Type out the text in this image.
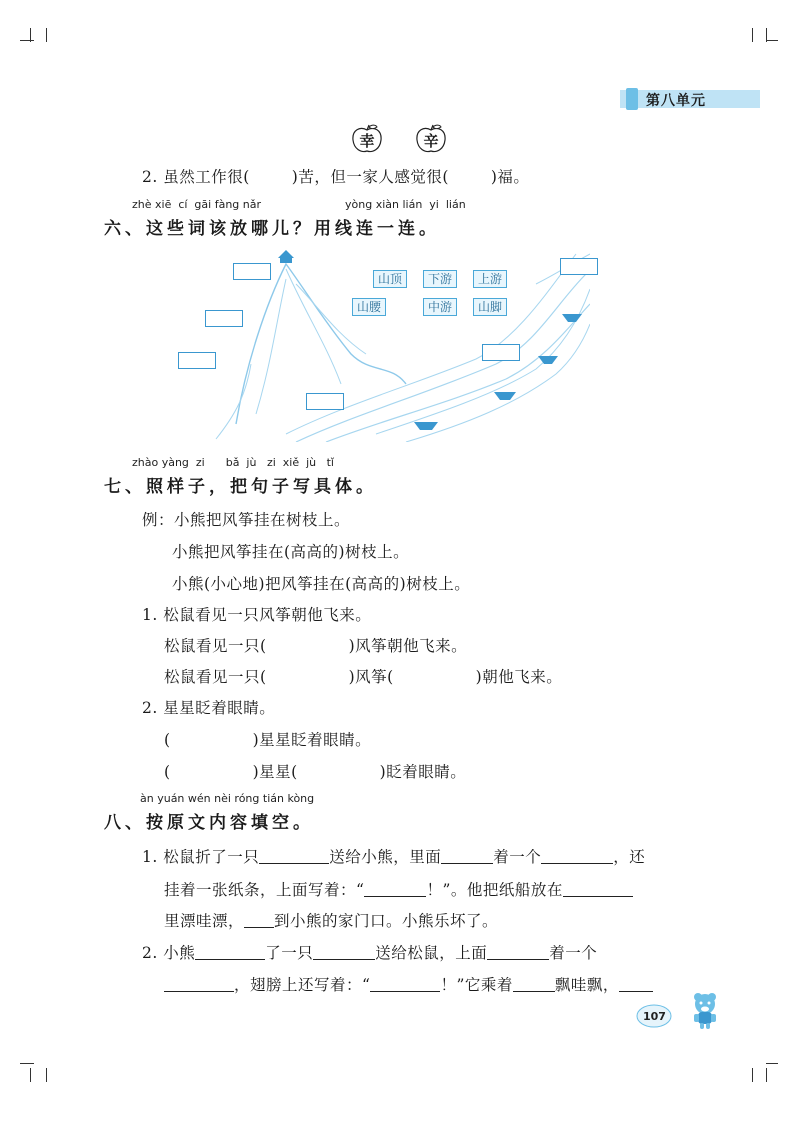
第八单元
幸	辛
2. 虽然工作很(	)苦，但一家人感觉很(	)福。
zhè xiē  cí  gāi fàng nǎr	yòng xiàn lián  yi  lián
六、这些词该放哪儿？用线连一连。
山顶	下游	上游
山腰	中游	山脚
zhào yàng  zi      bǎ  jù   zi  xiě  jù   tǐ
七、照样子，把句子写具体。
例：小熊把风筝挂在树枝上。
小熊把风筝挂在(高高的)树枝上。
小熊(小心地)把风筝挂在(高高的)树枝上。
1. 松鼠看见一只风筝朝他飞来。
松鼠看见一只(	)风筝朝他飞来。
松鼠看见一只(	)风筝(	)朝他飞来。
2. 星星眨着眼睛。
(	)星星眨着眼睛。
(	)星星(	)眨着眼睛。
àn yuán wén nèi róng tián kòng
八、按原文内容填空。
1. 松鼠折了一只	送给小熊，里面	着一个	，还
挂着一张纸条，上面写着：“	！”。他把纸船放在
里漂哇漂， 到小熊的家门口。小熊乐坏了。
2. 小熊	了一只	送给松鼠，上面	着一个
，翅膀上还写着：“	！”它乘着	飘哇飘，
107
